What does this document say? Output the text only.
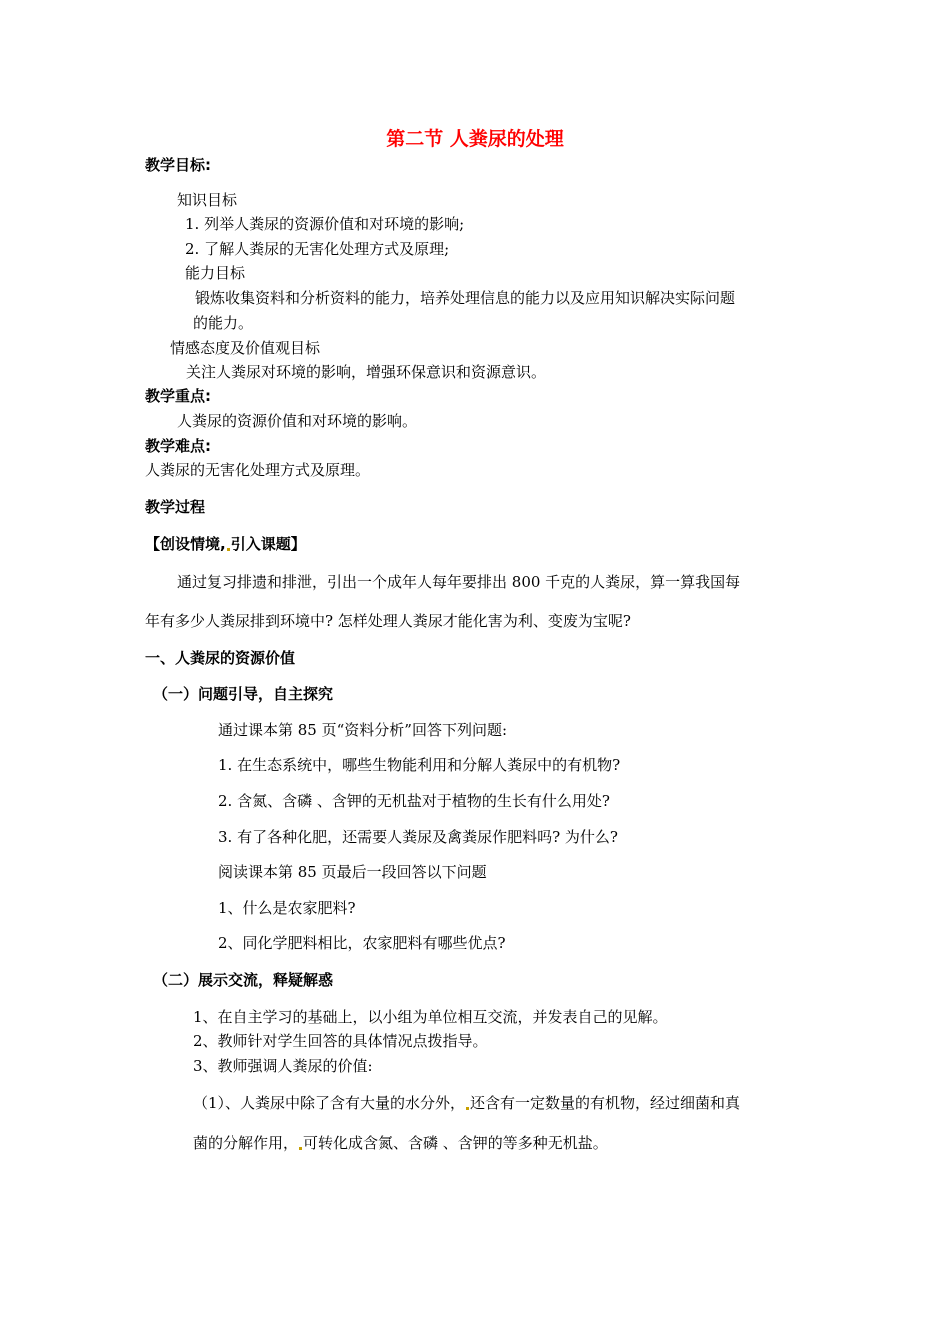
第二节 人粪尿的处理
教学目标:
知识目标
1. 列举人粪尿的资源价值和对环境的影响;
2. 了解人粪尿的无害化处理方式及原理;
能力目标
锻炼收集资料和分析资料的能力，培养处理信息的能力以及应用知识解决实际问题
的能力。
情感态度及价值观目标
关注人粪尿对环境的影响，增强环保意识和资源意识。
教学重点:
人粪尿的资源价值和对环境的影响。
教学难点:
人粪尿的无害化处理方式及原理。
教学过程
【创设情境, 引入课题】
通过复习排遗和排泄，引出一个成年人每年要排出 800 千克的人粪尿，算一算我国每
年有多少人粪尿排到环境中? 怎样处理人粪尿才能化害为利、变废为宝呢?
一、人粪尿的资源价值
（一）问题引导，自主探究
通过课本第 85 页“资料分析”回答下列问题:
1. 在生态系统中，哪些生物能利用和分解人粪尿中的有机物?
2. 含氮、含磷 、含钾的无机盐对于植物的生长有什么用处?
3. 有了各种化肥，还需要人粪尿及禽粪尿作肥料吗? 为什么?
阅读课本第 85 页最后一段回答以下问题
1、什么是农家肥料?
2、同化学肥料相比，农家肥料有哪些优点?
（二）展示交流，释疑解惑
1、在自主学习的基础上，以小组为单位相互交流，并发表自己的见解。
2、教师针对学生回答的具体情况点拨指导。
3、教师强调人粪尿的价值:
（1）、人粪尿中除了含有大量的水分外， 还含有一定数量的有机物，经过细菌和真
菌的分解作用， 可转化成含氮、含磷 、含钾的等多种无机盐。
